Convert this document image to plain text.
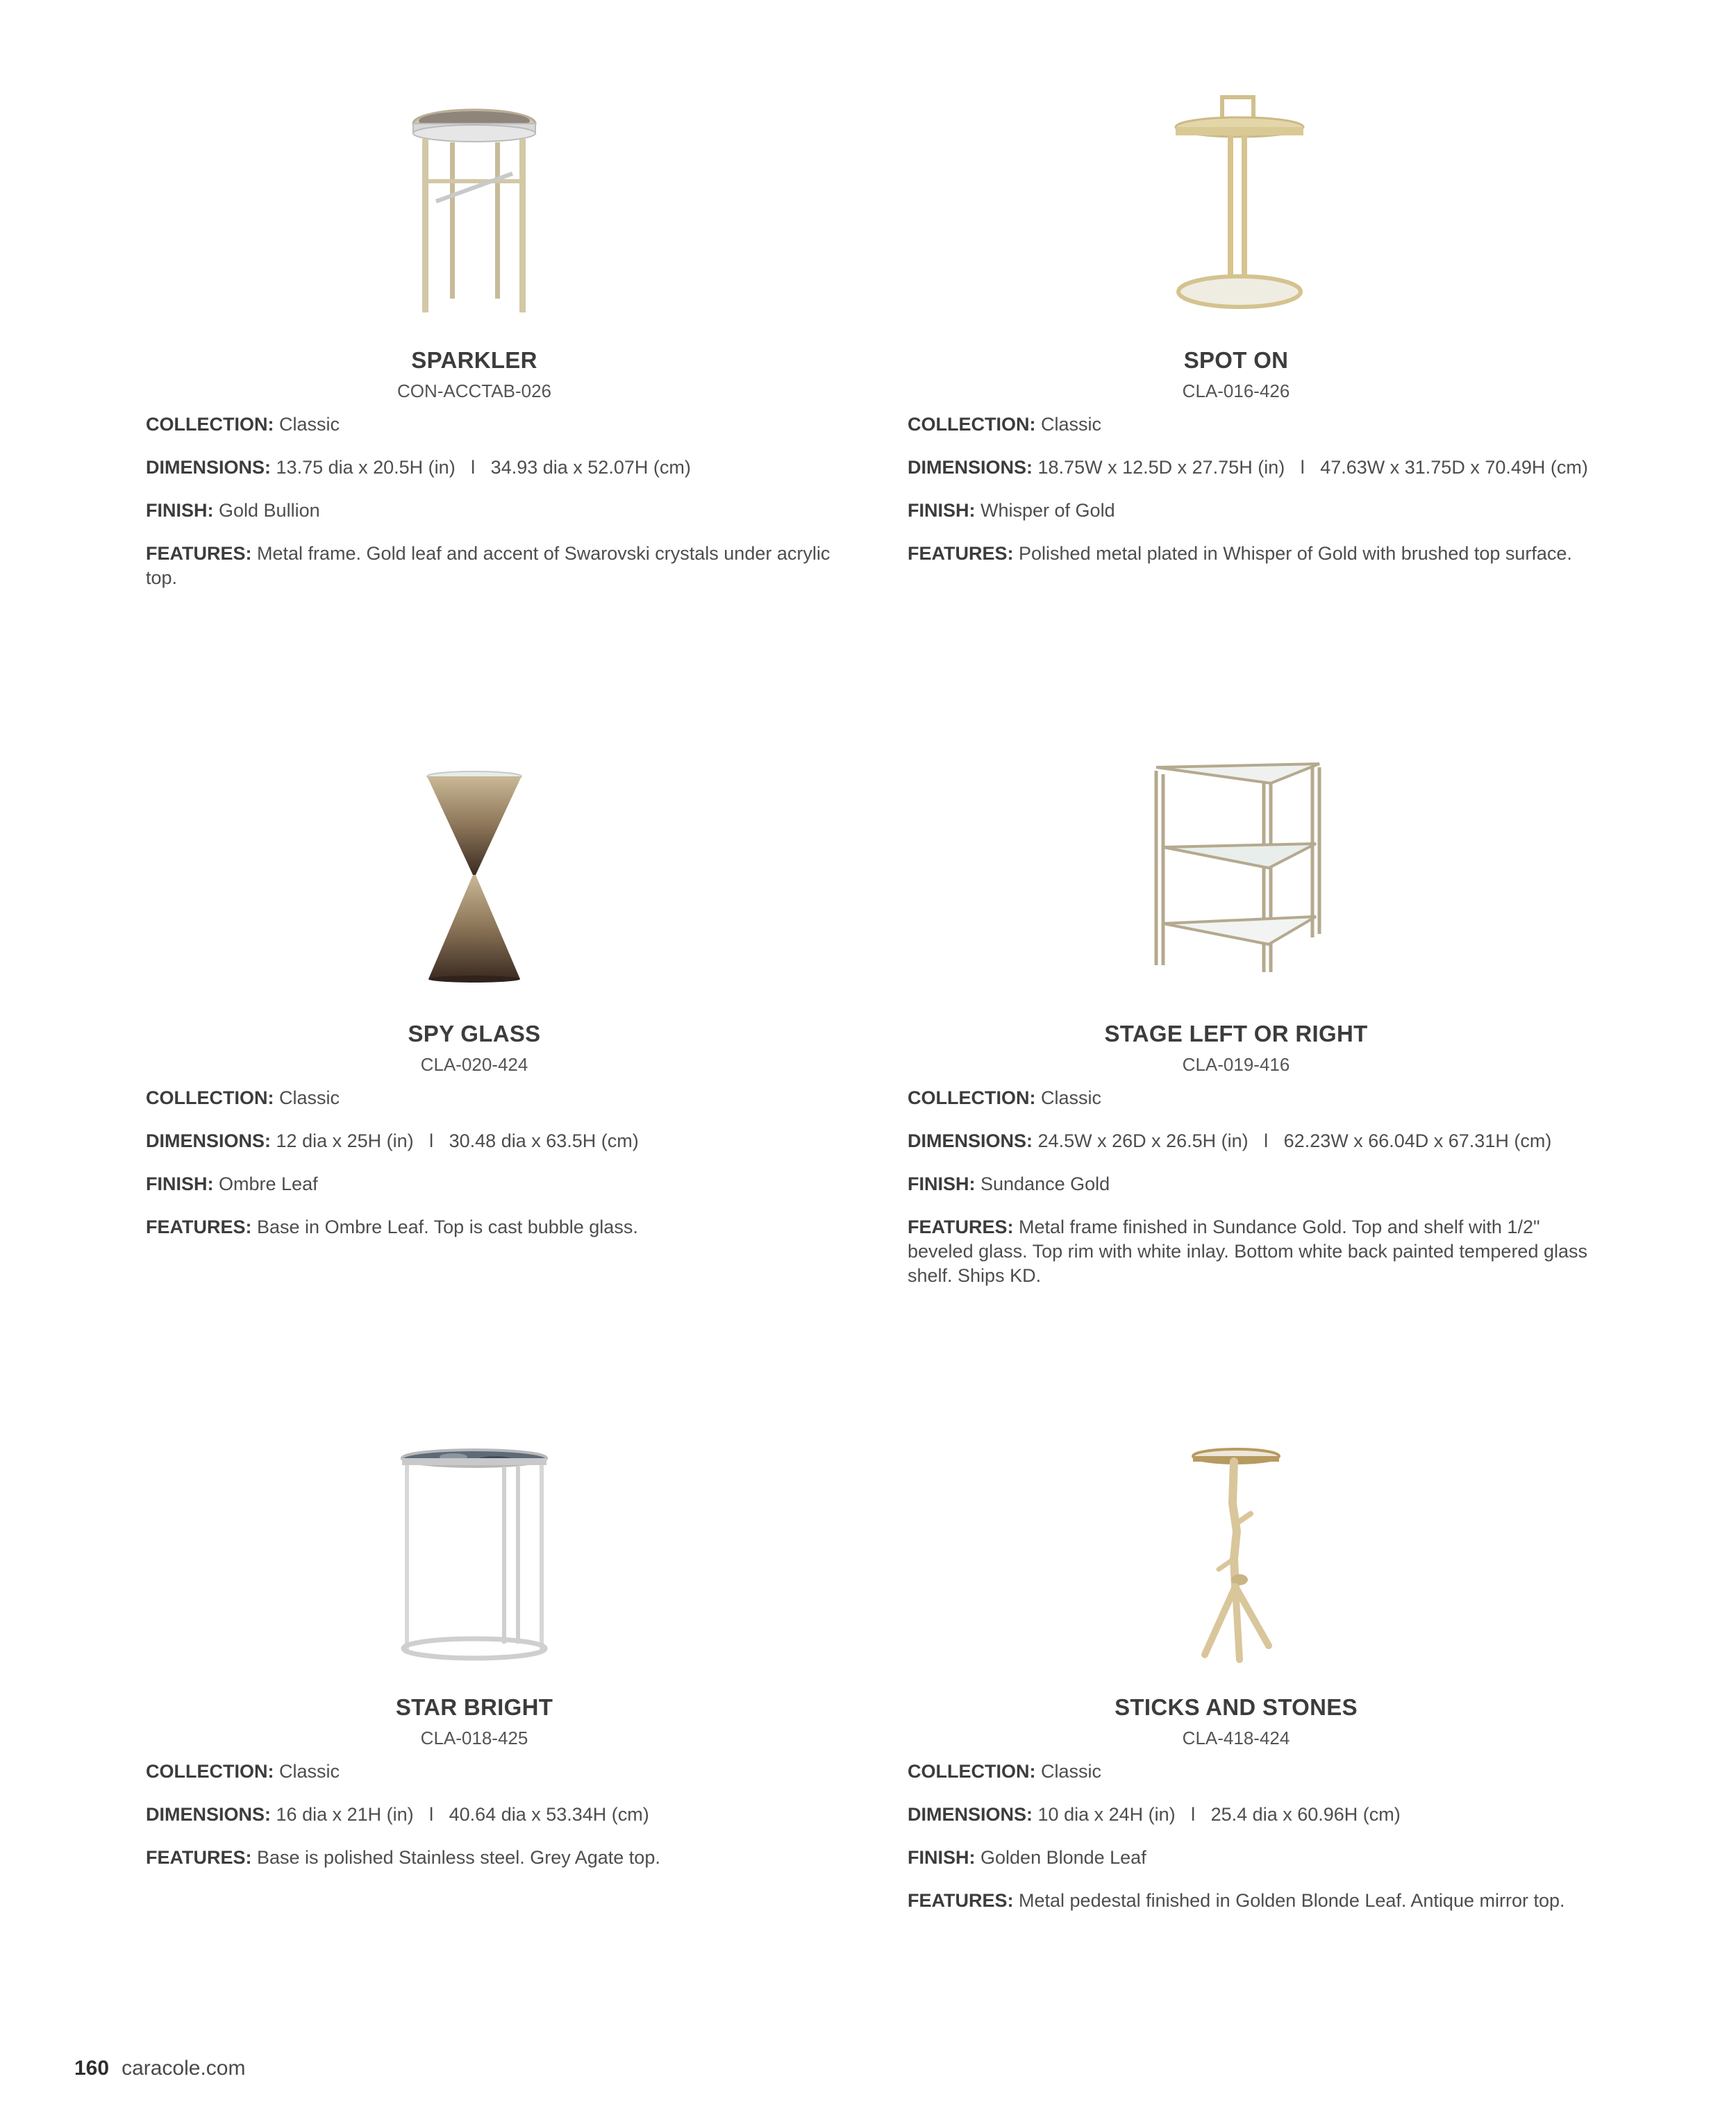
SPARKLER
CON-ACCTAB-026
COLLECTION: Classic
DIMENSIONS: 13.75 dia x 20.5H (in)   l   34.93 dia x 52.07H (cm)
FINISH: Gold Bullion
FEATURES: Metal frame. Gold leaf and accent of Swarovski crystals under acrylic top.
SPOT ON
CLA-016-426
COLLECTION: Classic
DIMENSIONS: 18.75W x 12.5D x 27.75H (in)   l   47.63W x 31.75D x 70.49H (cm)
FINISH: Whisper of Gold
FEATURES: Polished metal plated in Whisper of Gold with brushed top surface.
SPY GLASS
CLA-020-424
COLLECTION: Classic
DIMENSIONS: 12 dia x 25H (in)   l   30.48 dia x 63.5H (cm)
FINISH: Ombre Leaf
FEATURES: Base in Ombre Leaf. Top is cast bubble glass.
STAGE LEFT OR RIGHT
CLA-019-416
COLLECTION: Classic
DIMENSIONS: 24.5W x 26D x 26.5H (in)   l   62.23W x 66.04D x 67.31H (cm)
FINISH: Sundance Gold
FEATURES: Metal frame finished in Sundance Gold. Top and shelf with 1/2" beveled glass. Top rim with white inlay. Bottom white back painted tempered glass shelf. Ships KD.
STAR BRIGHT
CLA-018-425
COLLECTION: Classic
DIMENSIONS: 16 dia x 21H (in)   l   40.64 dia x 53.34H (cm)
FEATURES: Base is polished Stainless steel. Grey Agate top.
STICKS AND STONES
CLA-418-424
COLLECTION: Classic
DIMENSIONS: 10 dia x 24H (in)   l   25.4 dia x 60.96H (cm)
FINISH: Golden Blonde Leaf
FEATURES: Metal pedestal finished in Golden Blonde Leaf. Antique mirror top.
160 caracole.com
